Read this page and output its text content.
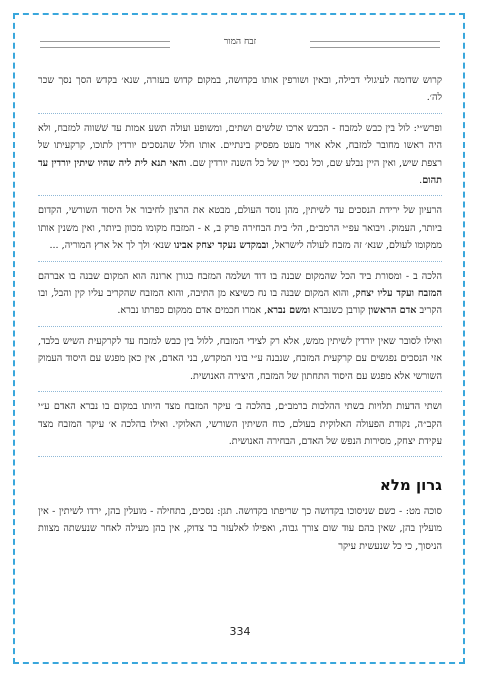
זבח המור

קרוש שדומה לעיגולי דבילה, ובאין ושורפין אותו בקדושה, במקום קדוש בעזרה, שנא׳ בקדש הסך נסך שכר לה׳.

ופרש״י: לול בין כבש למזבח - הכבש ארכו שלשים ושתים, ומשופע ועולה תשע אמות עד שׁשׁווה למזבח, ולא היה ראשו מחובר למזבח, אלא אויר מעט מפסיק בינתיים. אותו חלל שהנסכים יורדין לתוכו, קרקעיתו של רצפת שיש, ואין היין נבלע שם, וכל נסכי יין של כל השנה יורדין שם. והאי תנא לית ליה שהיו שיתין יורדין עד תהום.

הרעיון של ירידת הנסכים עד לשיתין, מהן נוסד העולם, מבטא את הרצון לחיבור אל היסוד השורשי, הקדום ביותר, העמוק. ויבואר עפ״י הרמב״ם, הל׳ בית הבחירה פרק ב, א - המזבח מקומו מכוון ביותר, ואין משנין אותו ממקומו לעולם, שנא׳ זה מזבח לעולה לישראל, ובמקדש נעקד יצחק אבינו שנא׳ ולך לך אל ארץ המוריה, ...

הלכה ב - ומסורת ביד הכל שהמקום שבנה בו דוד ושלמה המזבח בגורן ארונה הוא המקום שבנה בו אברהם המזבח ועקד עליו יצחק, והוא המקום שבנה בו נח כשיצא מן התיבה, והוא המזבח שהקריב עליו קין והבל, ובו הקריב אדם הראשון קורבן כשנברא ומשם נברא, אמרו חכמים אדם ממקום כפרתו נברא.

ואילו לסובר שאין יורדין לשיתין ממש, אלא רק לצידי המזבח, ללול בין כבש למזבח עד לקרקעית השיש בלבד, אזי הנסכים נפגשים עם קרקעית המזבח, שנבנה ע״י בוני המקדש, בני האדם, אין כאן מפגש עם היסוד העמוק השורשי אלא מפגש עם היסוד התחתון של המזבח, היצירה האנושית.

ושתי הדעות תלויות בשתי ההלכות ברמב״ם, בהלכה ב׳ עיקר המזבח מצד היותו במקום בו נברא האדם ע״י הקב״ה, נקודת הפעולה האלוקית בעולם, כוח השיתין השורשי, האלוקי. ואילו בהלכה א׳ עיקר המזבח מצד עקידת יצחק, מסירות הנפש של האדם, הבחירה האנושית.

גרון מלא

סוכה מט: - כשם שניסוכו בקדושה כך שריפתו בקדושה. תגן: נסכים, בתחילה - מועלין בהן, ירדו לשיתין - אין מועלין בהן, שאין בהם עוד שום צורך גבוה, ואפילו לאלעזר בר צדוק, אין בהן מעילה לאחר שנעשתה מצוות הניסוך, כי כל שנעשית עיקר

334
